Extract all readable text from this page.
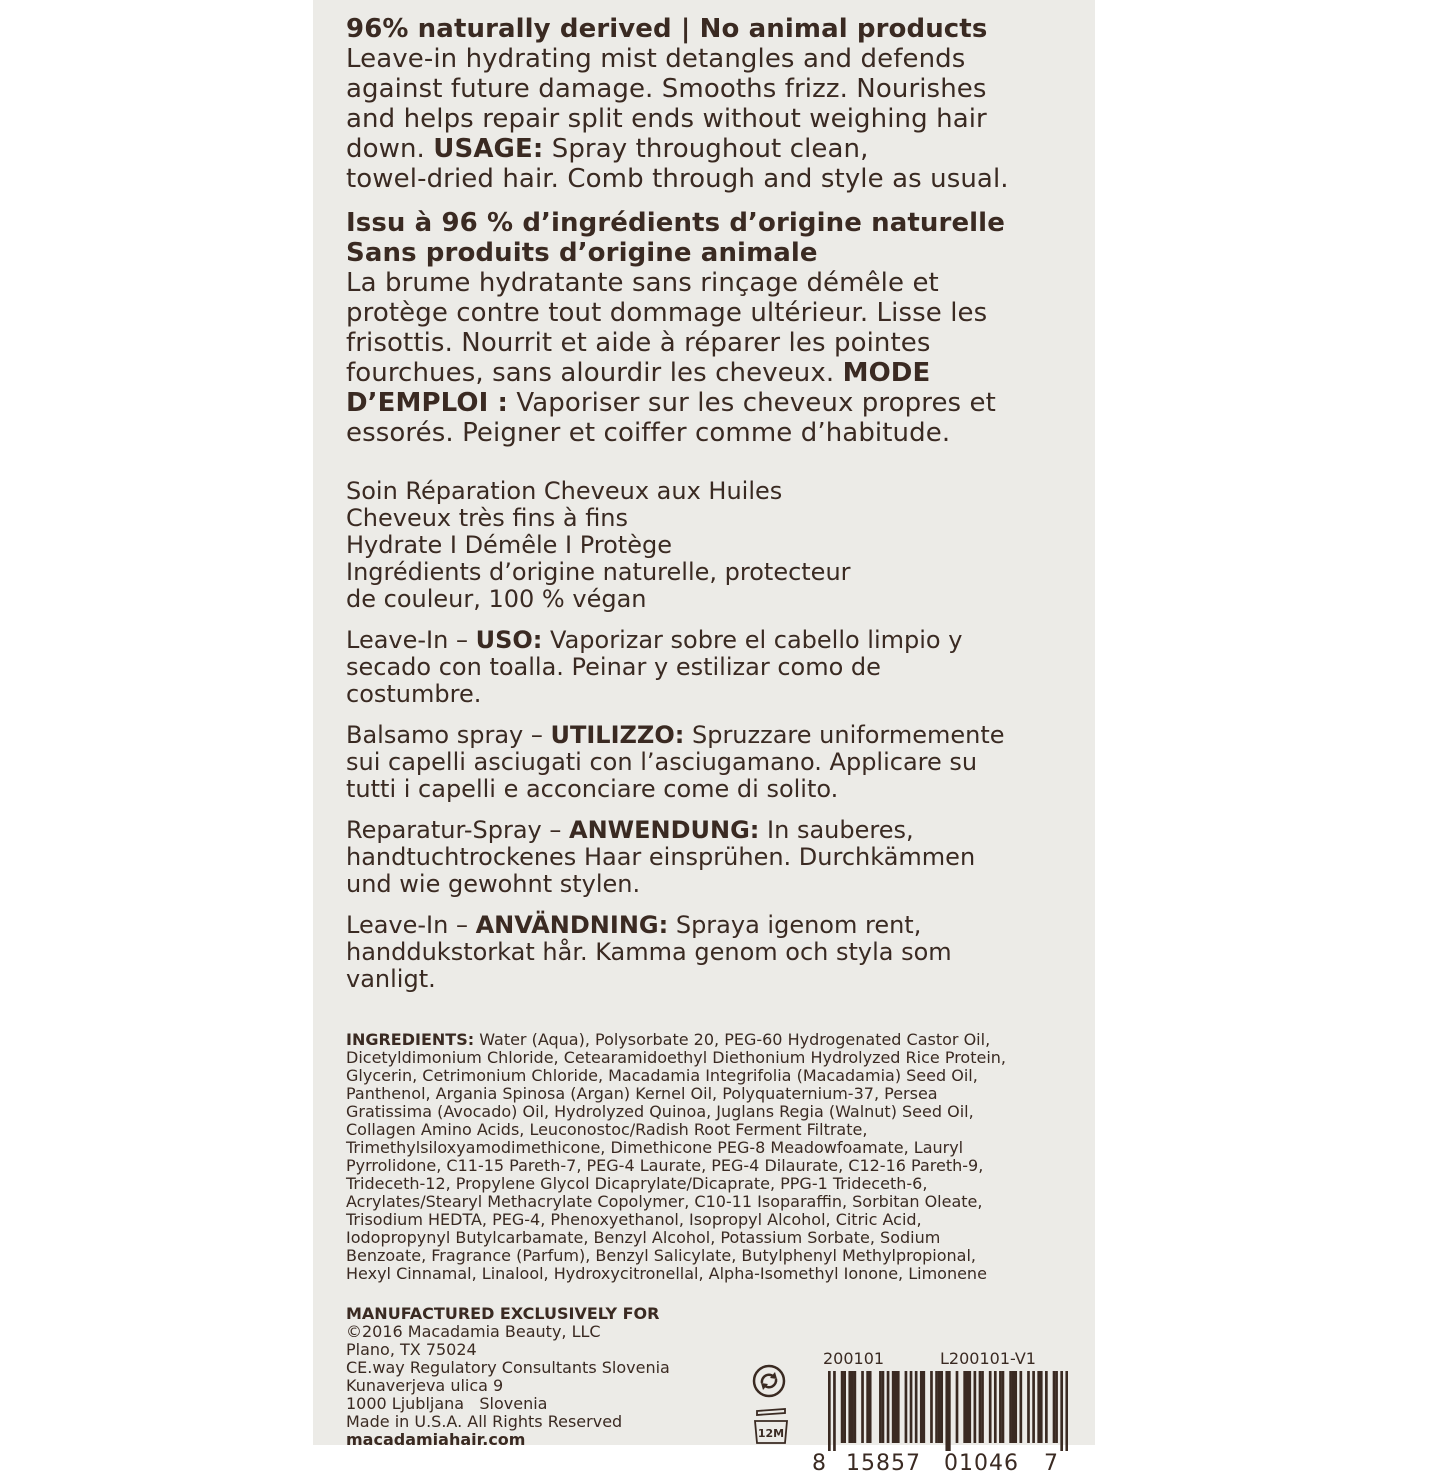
96% naturally derived | No animal products
Leave-in hydrating mist detangles and defends
against future damage. Smooths frizz. Nourishes
and helps repair split ends without weighing hair
down. USAGE: Spray throughout clean,
towel-dried hair. Comb through and style as usual.
Issu à 96 % d’ingrédients d’origine naturelle
Sans produits d’origine animale
La brume hydratante sans rinçage démêle et
protège contre tout dommage ultérieur. Lisse les
frisottis. Nourrit et aide à réparer les pointes
fourchues, sans alourdir les cheveux. MODE
D’EMPLOI : Vaporiser sur les cheveux propres et
essorés. Peigner et coiffer comme d’habitude.
Soin Réparation Cheveux aux Huiles
Cheveux très fins à fins
Hydrate I Démêle I Protège
Ingrédients d’origine naturelle, protecteur
de couleur, 100 % végan
Leave-In – USO: Vaporizar sobre el cabello limpio y
secado con toalla. Peinar y estilizar como de
costumbre.
Balsamo spray – UTILIZZO: Spruzzare uniformemente
sui capelli asciugati con l’asciugamano. Applicare su
tutti i capelli e acconciare come di solito.
Reparatur-Spray – ANWENDUNG: In sauberes,
handtuchtrockenes Haar einsprühen. Durchkämmen
und wie gewohnt stylen.
Leave-In – ANVÄNDNING: Spraya igenom rent,
handdukstorkat hår. Kamma genom och styla som
vanligt.
INGREDIENTS: Water (Aqua), Polysorbate 20, PEG-60 Hydrogenated Castor Oil,
Dicetyldimonium Chloride, Cetearamidoethyl Diethonium Hydrolyzed Rice Protein,
Glycerin, Cetrimonium Chloride, Macadamia Integrifolia (Macadamia) Seed Oil,
Panthenol, Argania Spinosa (Argan) Kernel Oil, Polyquaternium-37, Persea
Gratissima (Avocado) Oil, Hydrolyzed Quinoa, Juglans Regia (Walnut) Seed Oil,
Collagen Amino Acids, Leuconostoc/Radish Root Ferment Filtrate,
Trimethylsiloxyamodimethicone, Dimethicone PEG-8 Meadowfoamate, Lauryl
Pyrrolidone, C11-15 Pareth-7, PEG-4 Laurate, PEG-4 Dilaurate, C12-16 Pareth-9,
Trideceth-12, Propylene Glycol Dicaprylate/Dicaprate, PPG-1 Trideceth-6,
Acrylates/Stearyl Methacrylate Copolymer, C10-11 Isoparaffin, Sorbitan Oleate,
Trisodium HEDTA, PEG-4, Phenoxyethanol, Isopropyl Alcohol, Citric Acid,
Iodopropynyl Butylcarbamate, Benzyl Alcohol, Potassium Sorbate, Sodium
Benzoate, Fragrance (Parfum), Benzyl Salicylate, Butylphenyl Methylpropional,
Hexyl Cinnamal, Linalool, Hydroxycitronellal, Alpha-Isomethyl Ionone, Limonene
MANUFACTURED EXCLUSIVELY FOR
©2016 Macadamia Beauty, LLC
Plano, TX 75024
CE.way Regulatory Consultants Slovenia
Kunaverjeva ulica 9
1000 Ljubljana   Slovenia
Made in U.S.A. All Rights Reserved
macadamiahair.com
200101	L200101-V1

12M
8 15857 01046 7
